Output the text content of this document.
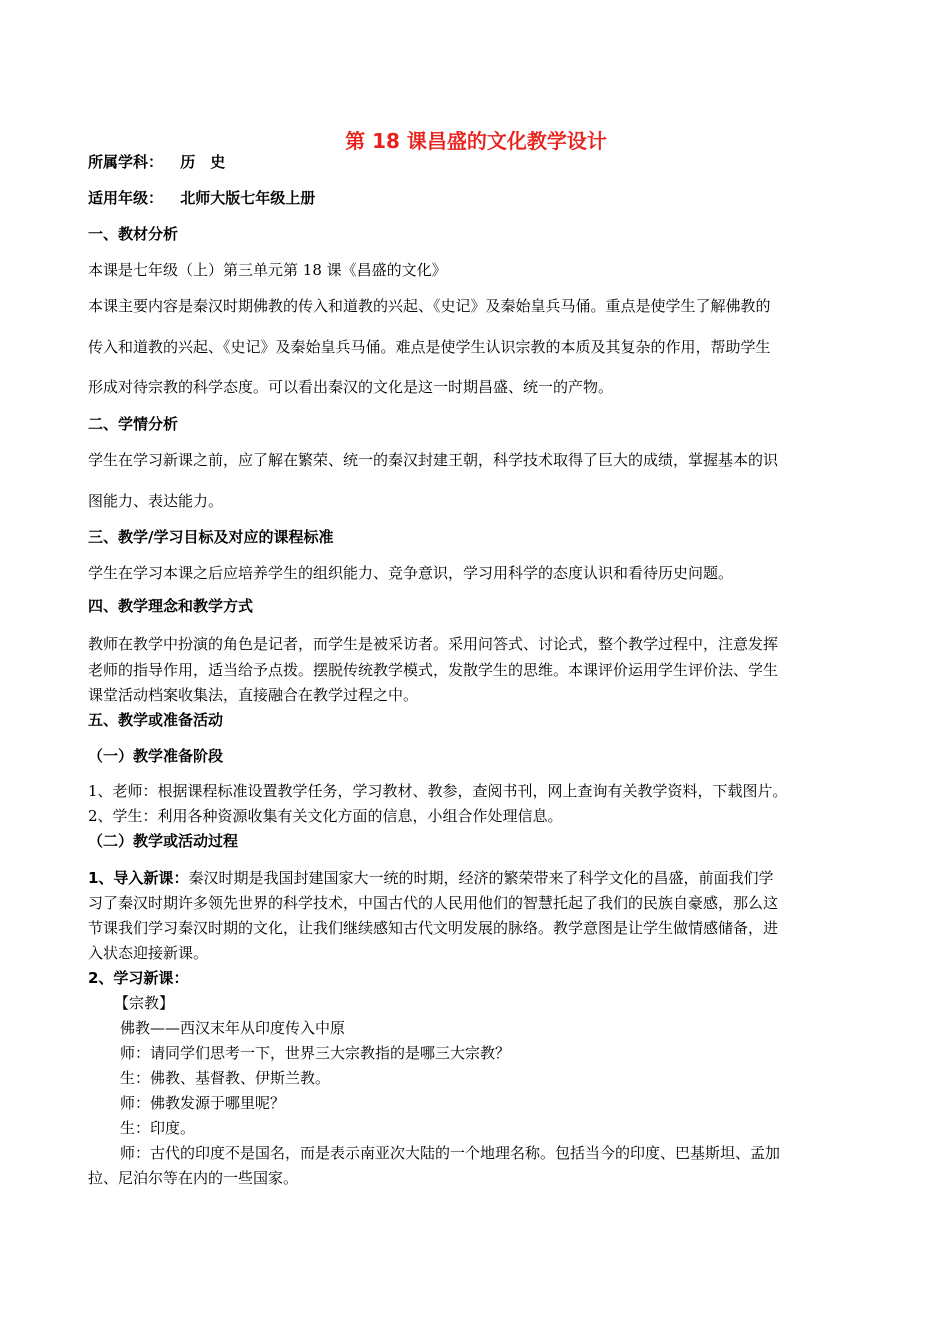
第 18 课昌盛的文化教学设计
所属学科： 历　史
适用年级： 北师大版七年级上册
一、教材分析
本课是七年级（上）第三单元第 18 课《昌盛的文化》
本课主要内容是秦汉时期佛教的传入和道教的兴起、《史记》及秦始皇兵马俑。重点是使学生了解佛教的
传入和道教的兴起、《史记》及秦始皇兵马俑。难点是使学生认识宗教的本质及其复杂的作用，帮助学生
形成对待宗教的科学态度。可以看出秦汉的文化是这一时期昌盛、统一的产物。
二、学情分析
学生在学习新课之前，应了解在繁荣、统一的秦汉封建王朝，科学技术取得了巨大的成绩，掌握基本的识
图能力、表达能力。
三、教学/学习目标及对应的课程标准
学生在学习本课之后应培养学生的组织能力、竞争意识，学习用科学的态度认识和看待历史问题。
四、教学理念和教学方式
教师在教学中扮演的角色是记者，而学生是被采访者。采用问答式、讨论式，整个教学过程中，注意发挥
老师的指导作用，适当给予点拨。摆脱传统教学模式，发散学生的思维。本课评价运用学生评价法、学生
课堂活动档案收集法，直接融合在教学过程之中。
五、教学或准备活动
（一）教学准备阶段
1、老师：根据课程标准设置教学任务，学习教材、教参，查阅书刊，网上查询有关教学资料，下载图片。
2、学生：利用各种资源收集有关文化方面的信息，小组合作处理信息。
（二）教学或活动过程
1、导入新课：秦汉时期是我国封建国家大一统的时期，经济的繁荣带来了科学文化的昌盛，前面我们学
习了秦汉时期许多领先世界的科学技术，中国古代的人民用他们的智慧托起了我们的民族自豪感，那么这
节课我们学习秦汉时期的文化，让我们继续感知古代文明发展的脉络。教学意图是让学生做情感储备，进
入状态迎接新课。
2、学习新课：
【宗教】
佛教——西汉末年从印度传入中原
师：请同学们思考一下，世界三大宗教指的是哪三大宗教？
生：佛教、基督教、伊斯兰教。
师：佛教发源于哪里呢？
生：印度。
师：古代的印度不是国名，而是表示南亚次大陆的一个地理名称。包括当今的印度、巴基斯坦、孟加
拉、尼泊尔等在内的一些国家。
